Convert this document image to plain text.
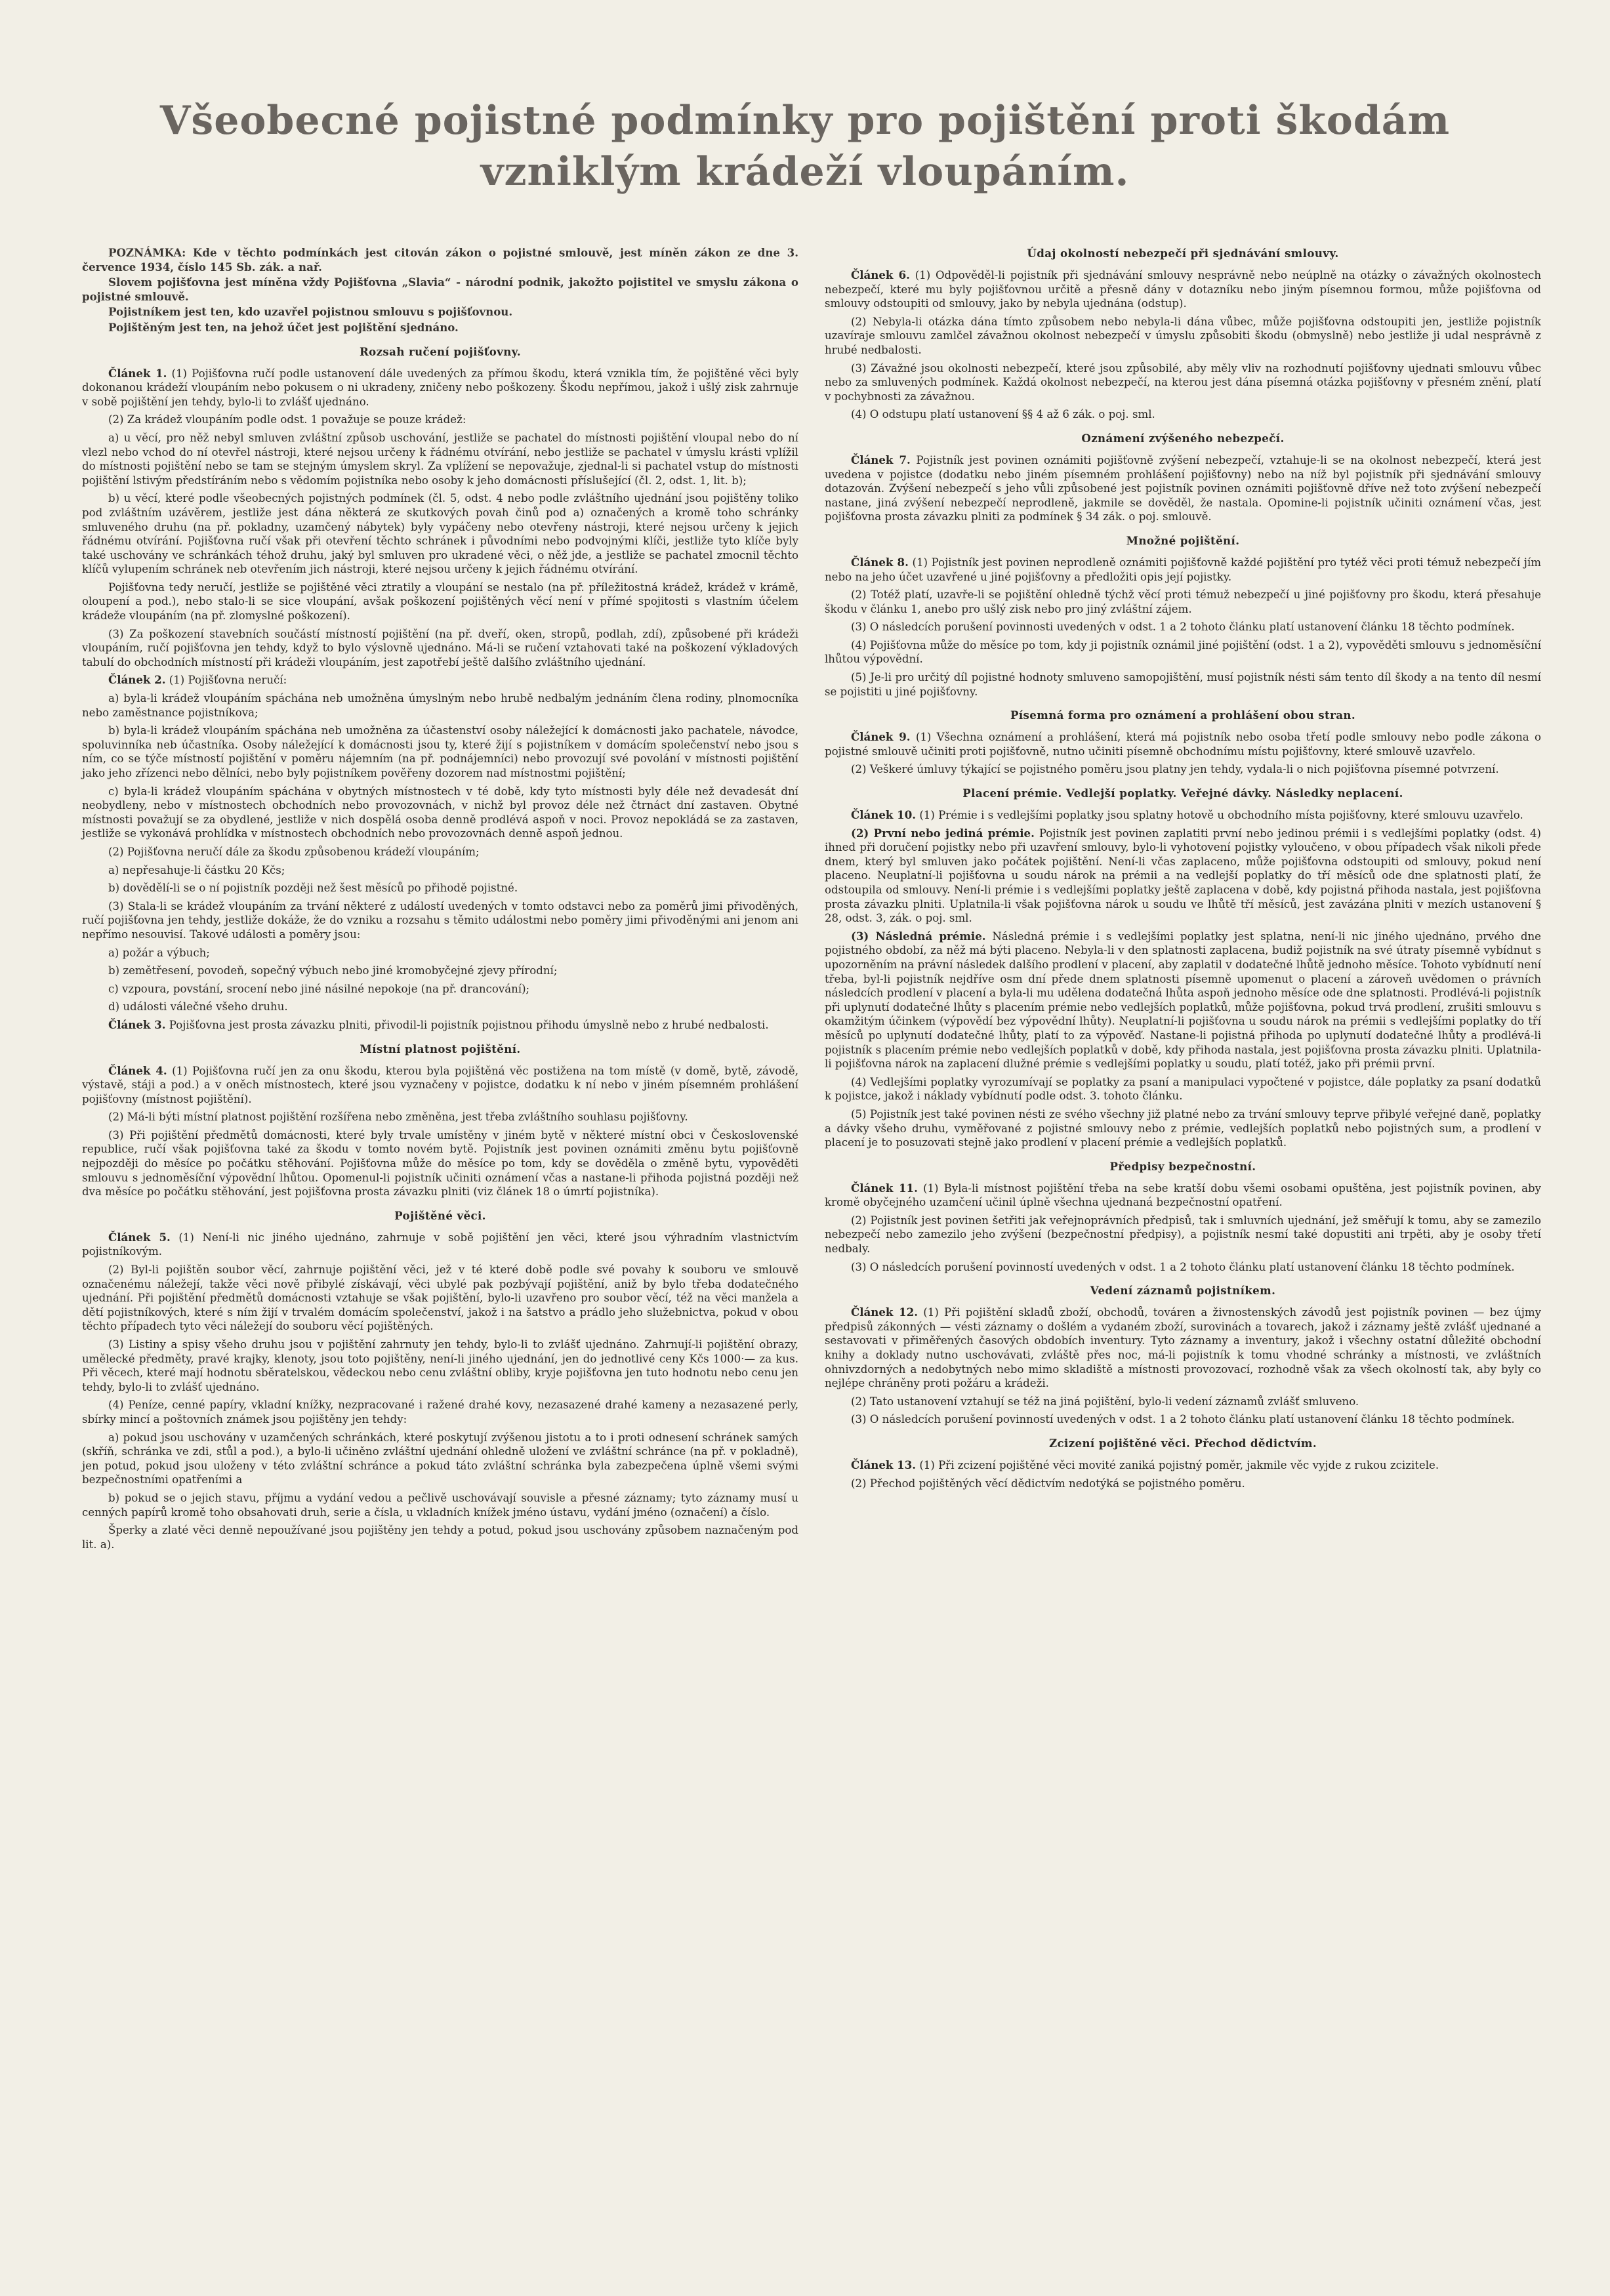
Všeobecné pojistné podmínky pro pojištění proti škodám
vzniklým krádeží vloupáním.

POZNÁMKA: Kde v těchto podmínkách jest citován zákon o pojistné smlouvě, jest míněn zákon ze dne 3. července 1934, číslo 145 Sb. zák. a nař.

Slovem pojišťovna jest míněna vždy Pojišťovna „Slavia“ - národní podnik, jakožto pojistitel ve smyslu zákona o pojistné smlouvě.

Pojistníkem jest ten, kdo uzavřel pojistnou smlouvu s pojišťovnou.

Pojištěným jest ten, na jehož účet jest pojištění sjednáno.

Rozsah ručení pojišťovny.

Článek 1. (1) Pojišťovna ručí podle ustanovení dále uvedených za přímou škodu, která vznikla tím, že pojištěné věci byly dokonanou krádeží vloupáním nebo pokusem o ni ukradeny, zničeny nebo poškozeny. Škodu nepřímou, jakož i ušlý zisk zahrnuje v sobě pojištění jen tehdy, bylo-li to zvlášť ujednáno.

(2) Za krádež vloupáním podle odst. 1 považuje se pouze krádež:

a) u věcí, pro něž nebyl smluven zvláštní způsob uschování, jestliže se pachatel do místnosti pojištění vloupal nebo do ní vlezl nebo vchod do ní otevřel nástroji, které nejsou určeny k řádnému otvírání, nebo jestliže se pachatel v úmyslu krásti vplížil do místnosti pojištění nebo se tam se stejným úmyslem skryl. Za vplížení se nepovažuje, zjednal-li si pachatel vstup do místnosti pojištění lstivým předstíráním nebo s vědomím pojistníka nebo osoby k jeho domácnosti příslušející (čl. 2, odst. 1, lit. b);

b) u věcí, které podle všeobecných pojistných podmínek (čl. 5, odst. 4 nebo podle zvláštního ujednání jsou pojištěny toliko pod zvláštním uzávěrem, jestliže jest dána některá ze skutkových povah činů pod a) označených a kromě toho schránky smluveného druhu (na př. pokladny, uzamčený nábytek) byly vypáčeny nebo otevřeny nástroji, které nejsou určeny k jejich řádnému otvírání. Pojišťovna ručí však při otevření těchto schránek i původními nebo podvojnými klíči, jestliže tyto klíče byly také uschovány ve schránkách téhož druhu, jaký byl smluven pro ukradené věci, o něž jde, a jestliže se pachatel zmocnil těchto klíčů vylupením schránek neb otevřením jich nástroji, které nejsou určeny k jejich řádnému otvírání.

Pojišťovna tedy neručí, jestliže se pojištěné věci ztratily a vloupání se nestalo (na př. příležitostná krádež, krádež v krámě, oloupení a pod.), nebo stalo-li se sice vloupání, avšak poškození pojištěných věcí není v přímé spojitosti s vlastním účelem krádeže vloupáním (na př. zlomyslné poškození).

(3) Za poškození stavebních součástí místností pojištění (na př. dveří, oken, stropů, podlah, zdí), způsobené při krádeži vloupáním, ručí pojišťovna jen tehdy, když to bylo výslovně ujednáno. Má-li se ručení vztahovati také na poškození výkladových tabulí do obchodních místností při krádeži vloupáním, jest zapotřebí ještě dalšího zvláštního ujednání.

Článek 2. (1) Pojišťovna neručí:

a) byla-li krádež vloupáním spáchána neb umožněna úmyslným nebo hrubě nedbalým jednáním člena rodiny, plnomocníka nebo zaměstnance pojistníkova;

b) byla-li krádež vloupáním spáchána neb umožněna za účastenství osoby náležející k domácnosti jako pachatele, návodce, spoluvinníka neb účastníka. Osoby náležející k domácnosti jsou ty, které žijí s pojistníkem v domácím společenství nebo jsou s ním, co se týče místností pojištění v poměru nájemním (na př. podnájemníci) nebo provozují své povolání v místnosti pojištění jako jeho zřízenci nebo dělníci, nebo byly pojistníkem pověřeny dozorem nad místnostmi pojištění;

c) byla-li krádež vloupáním spáchána v obytných místnostech v té době, kdy tyto místnosti byly déle než devadesát dní neobydleny, nebo v místnostech obchodních nebo provozovnách, v nichž byl provoz déle než čtrnáct dní zastaven. Obytné místnosti považují se za obydlené, jestliže v nich dospělá osoba denně prodlévá aspoň v noci. Provoz nepokládá se za zastaven, jestliže se vykonává prohlídka v místnostech obchodních nebo provozovnách denně aspoň jednou.

(2) Pojišťovna neručí dále za škodu způsobenou krádeží vloupáním;

a) nepřesahuje-li částku 20 Kčs;

b) dovědělí-li se o ní pojistník později než šest měsíců po přihodě pojistné.

(3) Stala-li se krádež vloupáním za trvání některé z událostí uvedených v tomto odstavci nebo za poměrů jimi přivoděných, ručí pojišťovna jen tehdy, jestliže dokáže, že do vzniku a rozsahu s těmito událostmi nebo poměry jimi přivoděnými ani jenom ani nepřímo nesouvisí. Takové události a poměry jsou:

a) požár a výbuch;

b) zemětřesení, povodeň, sopečný výbuch nebo jiné kromobyčejné zjevy přírodní;

c) vzpoura, povstání, srocení nebo jiné násilné nepokoje (na př. drancování);

d) události válečné všeho druhu.

Článek 3. Pojišťovna jest prosta závazku plniti, přivodil-li pojistník pojistnou přihodu úmyslně nebo z hrubé nedbalosti.

Místní platnost pojištění.

Článek 4. (1) Pojišťovna ručí jen za onu škodu, kterou byla pojištěná věc postižena na tom místě (v domě, bytě, závodě, výstavě, stáji a pod.) a v oněch místnostech, které jsou vyznačeny v pojistce, dodatku k ní nebo v jiném písemném prohlášení pojišťovny (místnost pojištění).

(2) Má-li býti místní platnost pojištění rozšířena nebo změněna, jest třeba zvláštního souhlasu pojišťovny.

(3) Při pojištění předmětů domácnosti, které byly trvale umístěny v jiném bytě v některé místní obci v Československé republice, ručí však pojišťovna také za škodu v tomto novém bytě. Pojistník jest povinen oznámiti změnu bytu pojišťovně nejpozději do měsíce po počátku stěhování. Pojišťovna může do měsíce po tom, kdy se dověděla o změně bytu, vypověděti smlouvu s jednoměsíční výpovědní lhůtou. Opomenul-li pojistník učiniti oznámení včas a nastane-li přihoda pojistná později než dva měsíce po počátku stěhování, jest pojišťovna prosta závazku plniti (viz článek 18 o úmrtí pojistníka).

Pojištěné věci.

Článek 5. (1) Není-li nic jiného ujednáno, zahrnuje v sobě pojištění jen věci, které jsou výhradním vlastnictvím pojistníkovým.

(2) Byl-li pojištěn soubor věcí, zahrnuje pojištění věci, jež v té které době podle své povahy k souboru ve smlouvě označenému náležejí, takže věci nově přibylé získávají, věci ubylé pak pozbývají pojištění, aniž by bylo třeba dodatečného ujednání. Při pojištění předmětů domácnosti vztahuje se však pojištění, bylo-li uzavřeno pro soubor věcí, též na věci manžela a dětí pojistníkových, které s ním žijí v trvalém domácím společenství, jakož i na šatstvo a prádlo jeho služebnictva, pokud v obou těchto případech tyto věci náležejí do souboru věcí pojištěných.

(3) Listiny a spisy všeho druhu jsou v pojištění zahrnuty jen tehdy, bylo-li to zvlášť ujednáno. Zahrnují-li pojištění obrazy, umělecké předměty, pravé krajky, klenoty, jsou toto pojištěny, není-li jiného ujednání, jen do jednotlivé ceny Kčs 1000·— za kus. Při věcech, které mají hodnotu sběratelskou, vědeckou nebo cenu zvláštní obliby, kryje pojišťovna jen tuto hodnotu nebo cenu jen tehdy, bylo-li to zvlášť ujednáno.

(4) Peníze, cenné papíry, vkladní knížky, nezpracované i ražené drahé kovy, nezasazené drahé kameny a nezasazené perly, sbírky mincí a poštovních známek jsou pojištěny jen tehdy:

a) pokud jsou uschovány v uzamčených schránkách, které poskytují zvýšenou jistotu a to i proti odnesení schránek samých (skříň, schránka ve zdi, stůl a pod.), a bylo-li učiněno zvláštní ujednání ohledně uložení ve zvláštní schránce (na př. v pokladně), jen potud, pokud jsou uloženy v této zvláštní schránce a pokud táto zvláštní schránka byla zabezpečena úplně všemi svými bezpečnostními opatřeními a

b) pokud se o jejich stavu, příjmu a vydání vedou a pečlivě uschovávají souvisle a přesné záznamy; tyto záznamy musí u cenných papírů kromě toho obsahovati druh, serie a čísla, u vkladních knížek jméno ústavu, vydání jméno (označení) a číslo.

Šperky a zlaté věci denně nepoužívané jsou pojištěny jen tehdy a potud, pokud jsou uschovány způsobem naznačeným pod lit. a).

Údaj okolností nebezpečí při sjednávání smlouvy.

Článek 6. (1) Odpověděl-li pojistník při sjednávání smlouvy nesprávně nebo neúplně na otázky o závažných okolnostech nebezpečí, které mu byly pojišťovnou určitě a přesně dány v dotazníku nebo jiným písemnou formou, může pojišťovna od smlouvy odstoupiti od smlouvy, jako by nebyla ujednána (odstup).

(2) Nebyla-li otázka dána tímto způsobem nebo nebyla-li dána vůbec, může pojišťovna odstoupiti jen, jestliže pojistník uzavíraje smlouvu zamlčel závažnou okolnost nebezpečí v úmyslu způsobiti škodu (obmyslně) nebo jestliže ji udal nesprávně z hrubé nedbalosti.

(3) Závažné jsou okolnosti nebezpečí, které jsou způsobilé, aby měly vliv na rozhodnutí pojišťovny ujednati smlouvu vůbec nebo za smluvených podmínek. Každá okolnost nebezpečí, na kterou jest dána písemná otázka pojišťovny v přesném znění, platí v pochybnosti za závažnou.

(4) O odstupu platí ustanovení §§ 4 až 6 zák. o poj. sml.

Oznámení zvýšeného nebezpečí.

Článek 7. Pojistník jest povinen oznámiti pojišťovně zvýšení nebezpečí, vztahuje-li se na okolnost nebezpečí, která jest uvedena v pojistce (dodatku nebo jiném písemném prohlášení pojišťovny) nebo na níž byl pojistník při sjednávání smlouvy dotazován. Zvýšení nebezpečí s jeho vůli způsobené jest pojistník povinen oznámiti pojišťovně dříve než toto zvýšení nebezpečí nastane, jiná zvýšení nebezpečí neprodleně, jakmile se dověděl, že nastala. Opomine-li pojistník učiniti oznámení včas, jest pojišťovna prosta závazku plniti za podmínek § 34 zák. o poj. smlouvě.

Množné pojištění.

Článek 8. (1) Pojistník jest povinen neprodleně oznámiti pojišťovně každé pojištění pro tytéž věci proti témuž nebezpečí jím nebo na jeho účet uzavřené u jiné pojišťovny a předložiti opis její pojistky.

(2) Totéž platí, uzavře-li se pojištění ohledně týchž věcí proti témuž nebezpečí u jiné pojišťovny pro škodu, která přesahuje škodu v článku 1, anebo pro ušlý zisk nebo pro jiný zvláštní zájem.

(3) O následcích porušení povinnosti uvedených v odst. 1 a 2 tohoto článku platí ustanovení článku 18 těchto podmínek.

(4) Pojišťovna může do měsíce po tom, kdy ji pojistník oznámil jiné pojištění (odst. 1 a 2), vypověděti smlouvu s jednoměsíční lhůtou výpovědní.

(5) Je-li pro určitý díl pojistné hodnoty smluveno samopojištění, musí pojistník nésti sám tento díl škody a na tento díl nesmí se pojistiti u jiné pojišťovny.

Písemná forma pro oznámení a prohlášení obou stran.

Článek 9. (1) Všechna oznámení a prohlášení, která má pojistník nebo osoba třetí podle smlouvy nebo podle zákona o pojistné smlouvě učiniti proti pojišťovně, nutno učiniti písemně obchodnímu místu pojišťovny, které smlouvě uzavřelo.

(2) Veškeré úmluvy týkající se pojistného poměru jsou platny jen tehdy, vydala-li o nich pojišťovna písemné potvrzení.

Placení prémie. Vedlejší poplatky. Veřejné dávky. Následky neplacení.

Článek 10. (1) Prémie i s vedlejšími poplatky jsou splatny hotově u obchodního místa pojišťovny, které smlouvu uzavřelo.

(2) První nebo jediná prémie. Pojistník jest povinen zaplatiti první nebo jedinou prémii i s vedlejšími poplatky (odst. 4) ihned při doručení pojistky nebo při uzavření smlouvy, bylo-li vyhotovení pojistky vyloučeno, v obou případech však nikoli přede dnem, který byl smluven jako počátek pojištění. Není-li včas zaplaceno, může pojišťovna odstoupiti od smlouvy, pokud není placeno. Neuplatní-li pojišťovna u soudu nárok na prémii a na vedlejší poplatky do tří měsíců ode dne splatnosti platí, že odstoupila od smlouvy. Není-li prémie i s vedlejšími poplatky ještě zaplacena v době, kdy pojistná přihoda nastala, jest pojišťovna prosta závazku plniti. Uplatnila-li však pojišťovna nárok u soudu ve lhůtě tří měsíců, jest zavázána plniti v mezích ustanovení § 28, odst. 3, zák. o poj. sml.

(3) Následná prémie. Následná prémie i s vedlejšími poplatky jest splatna, není-li nic jiného ujednáno, prvého dne pojistného období, za něž má býti placeno. Nebyla-li v den splatnosti zaplacena, budiž pojistník na své útraty písemně vybídnut s upozorněním na právní následek dalšího prodlení v placení, aby zaplatil v dodatečné lhůtě jednoho měsíce. Tohoto vybídnutí není třeba, byl-li pojistník nejdříve osm dní přede dnem splatnosti písemně upomenut o placení a zároveň uvědomen o právních následcích prodlení v placení a byla-li mu udělena dodatečná lhůta aspoň jednoho měsíce ode dne splatnosti. Prodlévá-li pojistník při uplynutí dodatečné lhůty s placením prémie nebo vedlejších poplatků, může pojišťovna, pokud trvá prodlení, zrušiti smlouvu s okamžitým účinkem (výpovědí bez výpovědní lhůty). Neuplatní-li pojišťovna u soudu nárok na prémii s vedlejšími poplatky do tří měsíců po uplynutí dodatečné lhůty, platí to za výpověď. Nastane-li pojistná přihoda po uplynutí dodatečné lhůty a prodlévá-li pojistník s placením prémie nebo vedlejších poplatků v době, kdy přihoda nastala, jest pojišťovna prosta závazku plniti. Uplatnila-li pojišťovna nárok na zaplacení dlužné prémie s vedlejšími poplatky u soudu, platí totéž, jako při prémii první.

(4) Vedlejšími poplatky vyrozumívají se poplatky za psaní a manipulaci vypočtené v pojistce, dále poplatky za psaní dodatků k pojistce, jakož i náklady vybídnutí podle odst. 3. tohoto článku.

(5) Pojistník jest také povinen nésti ze svého všechny již platné nebo za trvání smlouvy teprve přibylé veřejné daně, poplatky a dávky všeho druhu, vyměřované z pojistné smlouvy nebo z prémie, vedlejších poplatků nebo pojistných sum, a prodlení v placení je to posuzovati stejně jako prodlení v placení prémie a vedlejších poplatků.

Předpisy bezpečnostní.

Článek 11. (1) Byla-li místnost pojištění třeba na sebe kratší dobu všemi osobami opuštěna, jest pojistník povinen, aby kromě obyčejného uzamčení učinil úplně všechna ujednaná bezpečnostní opatření.

(2) Pojistník jest povinen šetřiti jak veřejnoprávních předpisů, tak i smluvních ujednání, jež směřují k tomu, aby se zamezilo nebezpečí nebo zamezilo jeho zvýšení (bezpečnostní předpisy), a pojistník nesmí také dopustiti ani trpěti, aby je osoby třetí nedbaly.

(3) O následcích porušení povinností uvedených v odst. 1 a 2 tohoto článku platí ustanovení článku 18 těchto podmínek.

Vedení záznamů pojistníkem.

Článek 12. (1) Při pojištění skladů zboží, obchodů, továren a živnostenských závodů jest pojistník povinen — bez újmy předpisů zákonných — vésti záznamy o došlém a vydaném zboží, surovinách a tovarech, jakož i záznamy ještě zvlášť ujednané a sestavovati v přiměřených časových obdobích inventury. Tyto záznamy a inventury, jakož i všechny ostatní důležité obchodní knihy a doklady nutno uschovávati, zvláště přes noc, má-li pojistník k tomu vhodné schránky a místnosti, ve zvláštních ohnivzdorných a nedobytných nebo mimo skladiště a místnosti provozovací, rozhodně však za všech okolností tak, aby byly co nejlépe chráněny proti požáru a krádeži.

(2) Tato ustanovení vztahují se též na jiná pojištění, bylo-li vedení záznamů zvlášť smluveno.

(3) O následcích porušení povinností uvedených v odst. 1 a 2 tohoto článku platí ustanovení článku 18 těchto podmínek.

Zcizení pojištěné věci. Přechod dědictvím.

Článek 13. (1) Při zcizení pojištěné věci movité zaniká pojistný poměr, jakmile věc vyjde z rukou zcizitele.

(2) Přechod pojištěných věcí dědictvím nedotýká se pojistného poměru.
